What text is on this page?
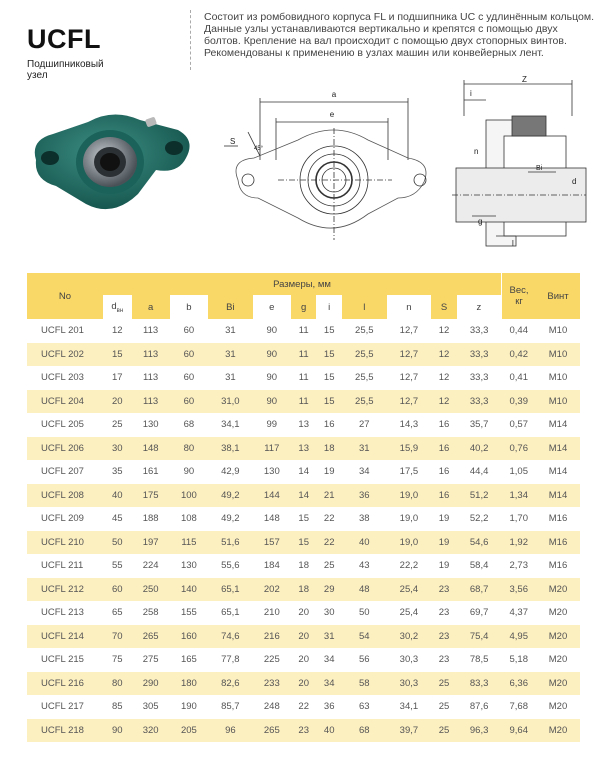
UCFL
Подшипниковый
узел
Состоит из ромбовидного корпуса FL и подшипника UC с удлинённым кольцом. Данные узлы устанавливаются вертикально и крепятся с помощью двух болтов. Крепление на вал происходит с помощью двух стопорных винтов. Рекомендованы к применению в узлах машин или конвейерных лент.
a
e
S
45°
Z
i
n
Bi
d
g
l
No	Размеры, мм											Вес,
кг	Винт
	$d_{вн}$	a	b	Bi	e	g	i	l	n	S	z		
UCFL 201	12	113	60	31	90	11	15	25,5	12,7	12	33,3	0,44	M10
UCFL 202	15	113	60	31	90	11	15	25,5	12,7	12	33,3	0,42	M10
UCFL 203	17	113	60	31	90	11	15	25,5	12,7	12	33,3	0,41	M10
UCFL 204	20	113	60	31,0	90	11	15	25,5	12,7	12	33,3	0,39	M10
UCFL 205	25	130	68	34,1	99	13	16	27	14,3	16	35,7	0,57	M14
UCFL 206	30	148	80	38,1	117	13	18	31	15,9	16	40,2	0,76	M14
UCFL 207	35	161	90	42,9	130	14	19	34	17,5	16	44,4	1,05	M14
UCFL 208	40	175	100	49,2	144	14	21	36	19,0	16	51,2	1,34	M14
UCFL 209	45	188	108	49,2	148	15	22	38	19,0	19	52,2	1,70	M16
UCFL 210	50	197	115	51,6	157	15	22	40	19,0	19	54,6	1,92	M16
UCFL 211	55	224	130	55,6	184	18	25	43	22,2	19	58,4	2,73	M16
UCFL 212	60	250	140	65,1	202	18	29	48	25,4	23	68,7	3,56	M20
UCFL 213	65	258	155	65,1	210	20	30	50	25,4	23	69,7	4,37	M20
UCFL 214	70	265	160	74,6	216	20	31	54	30,2	23	75,4	4,95	M20
UCFL 215	75	275	165	77,8	225	20	34	56	30,3	23	78,5	5,18	M20
UCFL 216	80	290	180	82,6	233	20	34	58	30,3	25	83,3	6,36	M20
UCFL 217	85	305	190	85,7	248	22	36	63	34,1	25	87,6	7,68	M20
UCFL 218	90	320	205	96	265	23	40	68	39,7	25	96,3	9,64	M20
